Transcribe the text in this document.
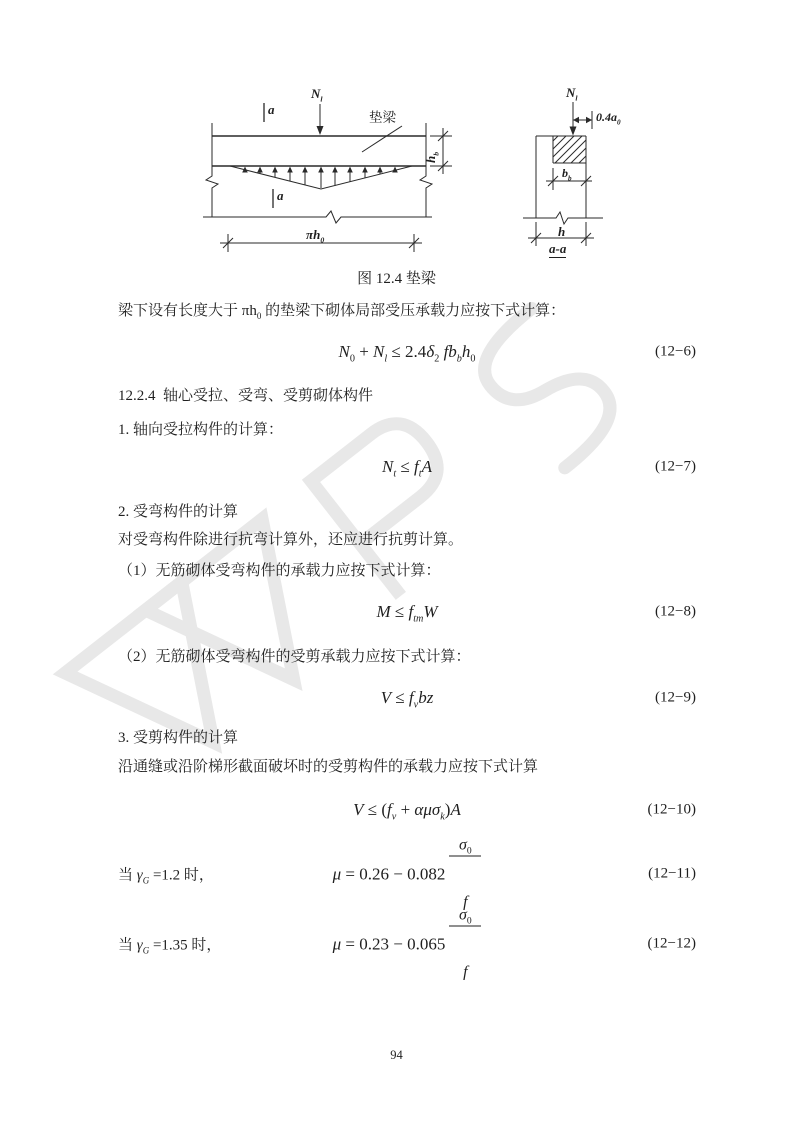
$N_l$
垫梁
a
a
$h_b$
$\pi h_0$
$N_l$
$0.4a_0$
$b_b$
h
a-a
图 12.4 垫梁
梁下设有长度大于 $\pi h_0$ 的垫梁下砌体局部受压承载力应按下式计算：
$N_0 + N_l \le 2.4\delta_2$ $fb_bh_0$	(12−6)
12.2.4  轴心受拉、受弯、受剪砌体构件
1. 轴向受拉构件的计算：
$N_t \le f_tA$	(12−7)
2. 受弯构件的计算
对受弯构件除进行抗弯计算外，还应进行抗剪计算。
（1）无筋砌体受弯构件的承载力应按下式计算：
$M \le f_{tm}W$	(12−8)
（2）无筋砌体受弯构件的受剪承载力应按下式计算：
$V \le f_vbz$	(12−9)
3. 受剪构件的计算
沿通缝或沿阶梯形截面破坏时的受剪构件的承载力应按下式计算
$V \le (f_v + \alpha\mu\sigma_k)A$	(12−10)
当 $\gamma_G =1.2$ 时，	μ = 0.26 − 0.082

$\frac{\sigma_0}{f}$

	(12−11)
当 $\gamma_G =1.35$ 时，	μ = 0.23 − 0.065

$\frac{\sigma_0}{f}$

	(12−12)
94
